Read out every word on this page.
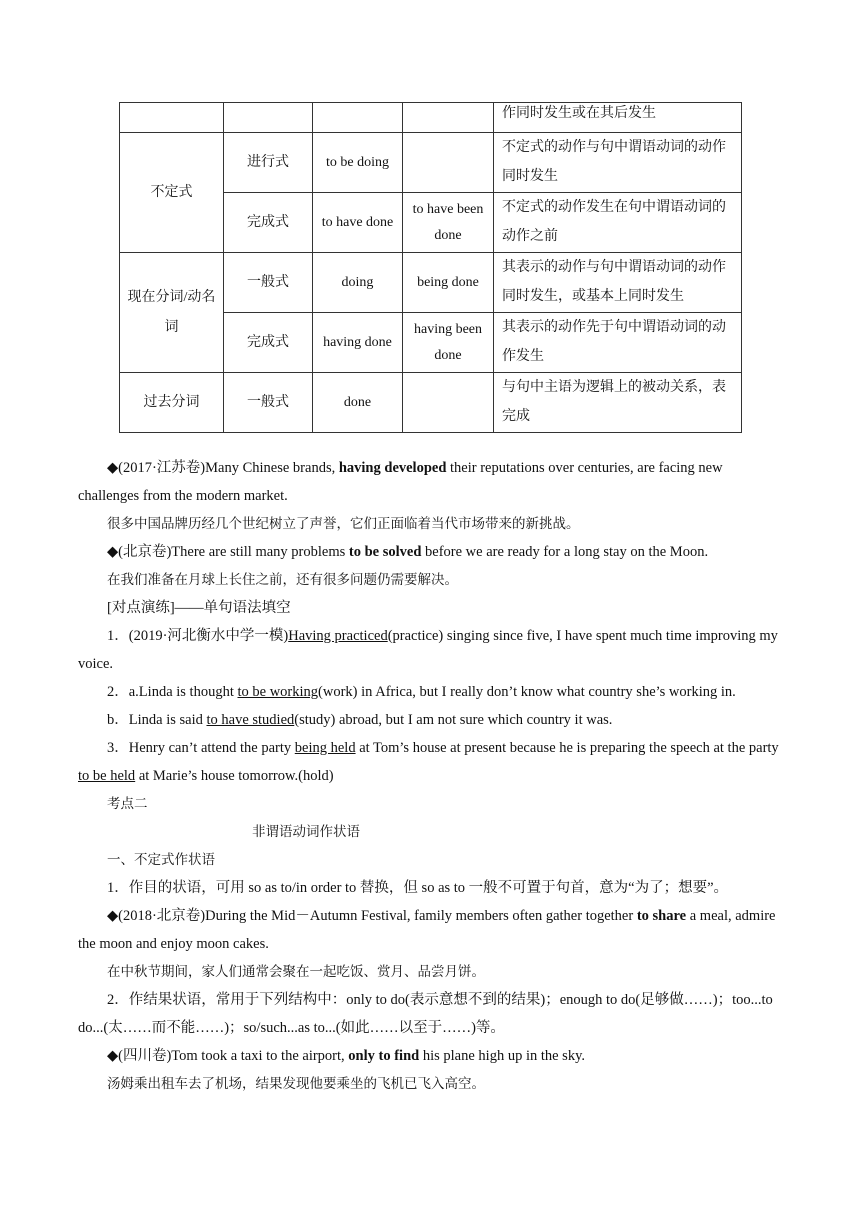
				作同时发生或在其后发生
不定式	进行式	to be doing		不定式的动作与句中谓语动词的动作同时发生
	完成式	to have done	to have been done	不定式的动作发生在句中谓语动词的动作之前
现在分词/动名词	一般式	doing	being done	其表示的动作与句中谓语动词的动作同时发生，或基本上同时发生
	完成式	having done	having been done	其表示的动作先于句中谓语动词的动作发生
过去分词	一般式	done		与句中主语为逻辑上的被动关系，表完成

◆(2017·江苏卷)Many Chinese brands, having developed their reputations over centuries, are facing new challenges from the modern market.

很多中国品牌历经几个世纪树立了声誉，它们正面临着当代市场带来的新挑战。

◆(北京卷)There are still many problems to be solved before we are ready for a long stay on the Moon.

在我们准备在月球上长住之前，还有很多问题仍需要解决。

[对点演练]——单句语法填空

1．(2019·河北衡水中学一模)Having practiced(practice) singing since five, I have spent much time improving my voice.

2．a.Linda is thought to be working(work) in Africa, but I really don’t know what country she’s working in.

b．Linda is said to have studied(study) abroad, but I am not sure which country it was.

3．Henry can’t attend the party being held at Tom’s house at present because he is preparing the speech at the party to be held at Marie’s house tomorrow.(hold)

考点二

非谓语动词作状语

一、不定式作状语

1．作目的状语，可用 so as to/in order to 替换，但 so as to 一般不可置于句首，意为“为了；想要”。

◆(2018·北京卷)During the Mid－Autumn Festival, family members often gather together to share a meal, admire the moon and enjoy moon cakes.

在中秋节期间，家人们通常会聚在一起吃饭、赏月、品尝月饼。

2．作结果状语，常用于下列结构中：only to do(表示意想不到的结果)；enough to do(足够做……)；too...to do...(太……而不能……)；so/such...as to...(如此……以至于……)等。

◆(四川卷)Tom took a taxi to the airport, only to find his plane high up in the sky.

汤姆乘出租车去了机场，结果发现他要乘坐的飞机已飞入高空。
